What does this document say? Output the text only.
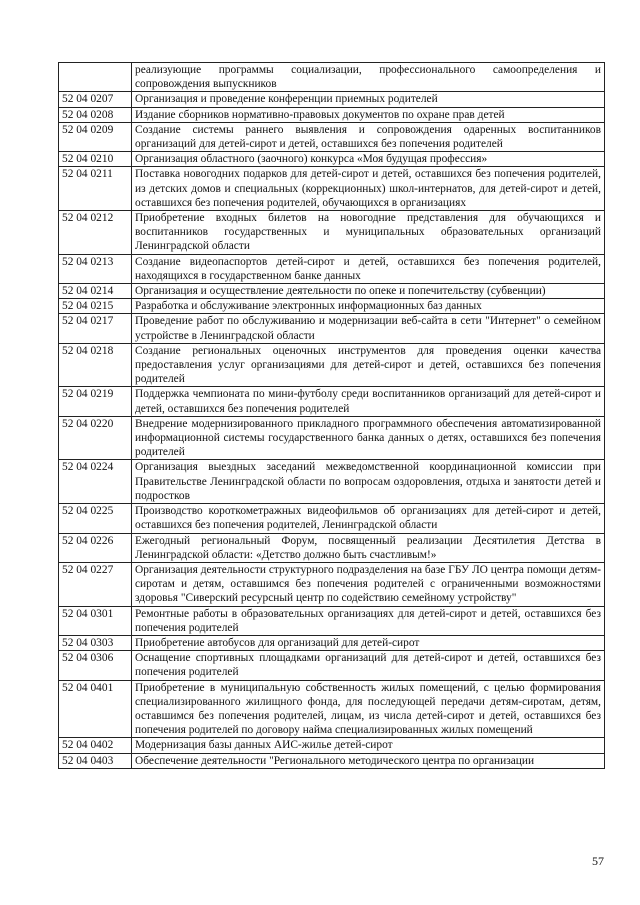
	реализующие программы социализации, профессионального самоопределения и сопровождения выпускников
52 04 0207	Организация и проведение конференции приемных родителей
52 04 0208	Издание сборников нормативно-правовых документов по охране прав детей
52 04 0209	Создание системы раннего выявления и сопровождения одаренных воспитанников организаций для детей-сирот и детей, оставшихся без попечения родителей
52 04 0210	Организация областного (заочного) конкурса «Моя будущая профессия»
52 04 0211	Поставка новогодних подарков для детей-сирот и детей, оставшихся без попечения родителей, из детских домов и специальных (коррекционных) школ-интернатов, для детей-сирот и детей, оставшихся без попечения родителей, обучающихся в организациях
52 04 0212	Приобретение входных билетов на новогодние представления для обучающихся и воспитанников государственных и муниципальных образовательных организаций Ленинградской области
52 04 0213	Создание видеопаспортов детей-сирот и детей, оставшихся без попечения родителей, находящихся в государственном банке данных
52 04 0214	Организация и осуществление деятельности по опеке и попечительству (субвенции)
52 04 0215	Разработка и обслуживание электронных информационных баз данных
52 04 0217	Проведение работ по обслуживанию и модернизации веб-сайта в сети "Интернет" о семейном устройстве в Ленинградской области
52 04 0218	Создание региональных оценочных инструментов для проведения оценки качества предоставления услуг организациями для детей-сирот и детей, оставшихся без попечения родителей
52 04 0219	Поддержка чемпионата по мини-футболу среди воспитанников организаций для детей-сирот и детей, оставшихся без попечения родителей
52 04 0220	Внедрение модернизированного прикладного программного обеспечения автоматизированной информационной системы государственного банка данных о детях, оставшихся без попечения родителей
52 04 0224	Организация выездных заседаний межведомственной координационной комиссии при Правительстве Ленинградской области по вопросам оздоровления, отдыха и занятости детей и подростков
52 04 0225	Производство короткометражных видеофильмов об организациях для детей-сирот и детей, оставшихся без попечения родителей, Ленинградской области
52 04 0226	Ежегодный региональный Форум, посвященный реализации Десятилетия Детства в Ленинградской области: «Детство должно быть счастливым!»
52 04 0227	Организация деятельности структурного подразделения на базе ГБУ ЛО центра помощи детям-сиротам и детям, оставшимся без попечения родителей с ограниченными возможностями здоровья "Сиверский ресурсный центр по содействию семейному устройству"
52 04 0301	Ремонтные работы в образовательных организациях для детей-сирот и детей, оставшихся без попечения родителей
52 04 0303	Приобретение автобусов для организаций для детей-сирот
52 04 0306	Оснащение спортивных площадками организаций для детей-сирот и детей, оставшихся без попечения родителей
52 04 0401	Приобретение в муниципальную собственность жилых помещений, с целью формирования специализированного жилищного фонда, для последующей передачи детям-сиротам, детям, оставшимся без попечения родителей, лицам, из числа детей-сирот и детей, оставшихся без попечения родителей по договору найма специализированных жилых помещений
52 04 0402	Модернизация базы данных АИС-жилье детей-сирот
52 04 0403	Обеспечение деятельности "Регионального методического центра по организации
57
